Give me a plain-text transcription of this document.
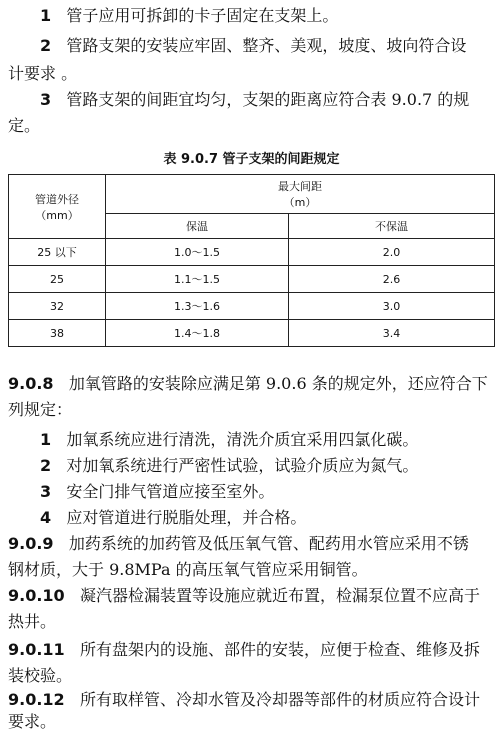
1 管子应用可拆卸的卡子固定在支架上。
2 管路支架的安装应牢固、整齐、美观，坡度、坡向符合设
计要求 。
3 管路支架的间距宜均匀，支架的距离应符合表 9.0.7 的规
定。
表 9.0.7 管子支架的间距规定
管道外径
（mm）	最大间距
（m）	

	保温	不保温
25 以下	1.0～1.5	2.0
25	1.1～1.5	2.6
32	1.3～1.6	3.0
38	1.4～1.8	3.4
9.0.8 加氧管路的安装除应满足第 9.0.6 条的规定外，还应符合下
列规定：
1 加氧系统应进行清洗，清洗介质宜采用四氯化碳。
2 对加氧系统进行严密性试验，试验介质应为氮气。
3 安全门排气管道应接至室外。
4 应对管道进行脱脂处理，并合格。
9.0.9 加药系统的加药管及低压氧气管、配药用水管应采用不锈
钢材质，大于 9.8MPa 的高压氧气管应采用铜管。
9.0.10 凝汽器检漏装置等设施应就近布置，检漏泵位置不应高于
热井。
9.0.11 所有盘架内的设施、部件的安装，应便于检查、维修及拆
装校验。
9.0.12 所有取样管、冷却水管及冷却器等部件的材质应符合设计
要求。
